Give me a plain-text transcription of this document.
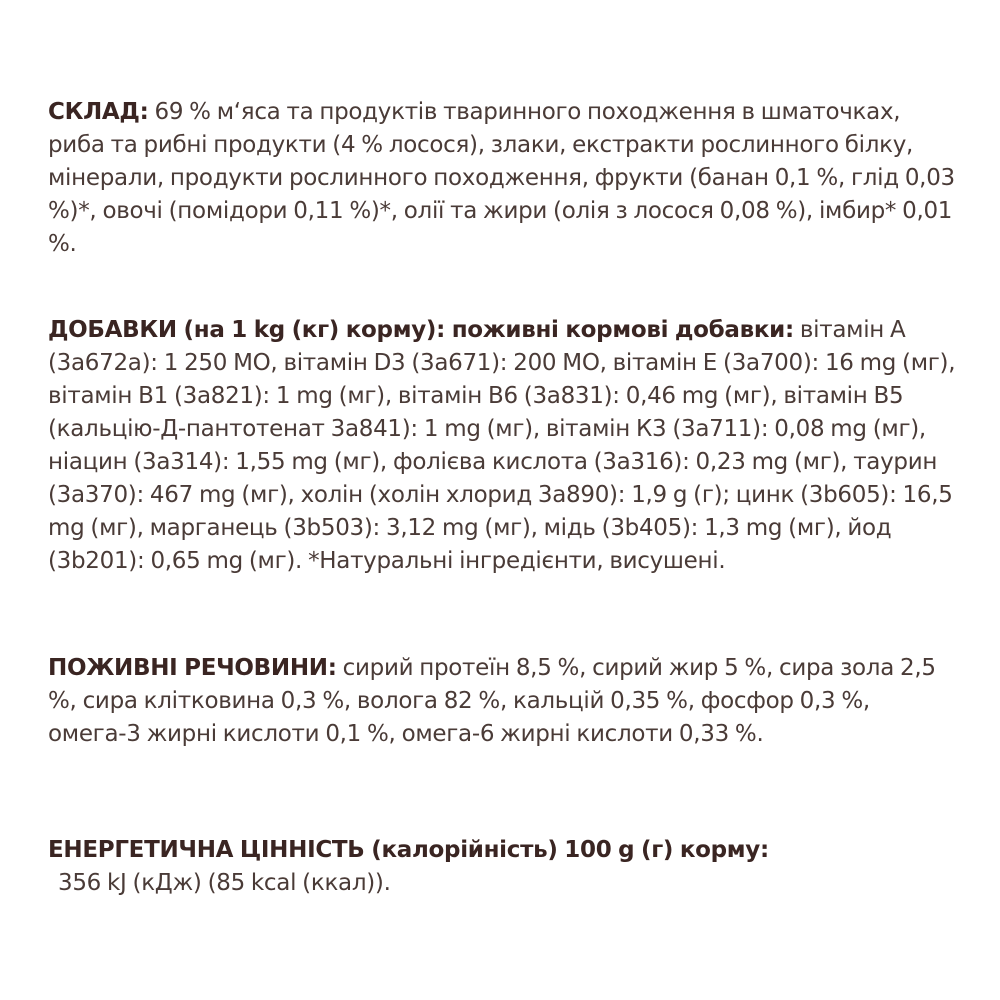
СКЛАД: 69 % м‘яса та продуктів тваринного походження в шматочках, риба та рибні продукти (4 % лосося), злаки, екстракти рослинного білку, мінерали, продукти рослинного походження, фрукти (банан 0,1 %, глід 0,03 %)*, овочі (помідори 0,11 %)*, олії та жири (олія з лосося 0,08 %), імбир* 0,01 %.
ДОБАВКИ (на 1 kg (кг) корму): поживні кормові добавки: вітамін А (3а672а): 1 250 МО, вітамін D3 (3а671): 200 МО, вітамін Е (3а700): 16 mg (мг), вітамін В1 (3а821): 1 mg (мг), вітамін В6 (3а831): 0,46 mg (мг), вітамін В5 (кальцію-Д-пантотенат 3а841): 1 mg (мг), вітамін К3 (3а711): 0,08 mg (мг), ніацин (3а314): 1,55 mg (мг), фолієва кислота (3а316): 0,23 mg (мг), таурин (3а370): 467 mg (мг), холін (холін хлорид 3а890): 1,9 g (г); цинк (3b605): 16,5 mg (мг), марганець (3b503): 3,12 mg (мг), мідь (3b405): 1,3 mg (мг), йод (3b201): 0,65 mg (мг). *Натуральні інгредієнти, висушені.
ПОЖИВНІ РЕЧОВИНИ: сирий протеїн 8,5 %, сирий жир 5 %, сира зола 2,5 %, сира клітковина 0,3 %, волога 82 %, кальцій 0,35 %, фосфор 0,3 %, омега-3 жирні кислоти 0,1 %, омега-6 жирні кислоти 0,33 %.
ЕНЕРГЕТИЧНА ЦІННІСТЬ (калорійність) 100 g (г) корму:
356 kJ (кДж) (85 kcal (ккал)).
